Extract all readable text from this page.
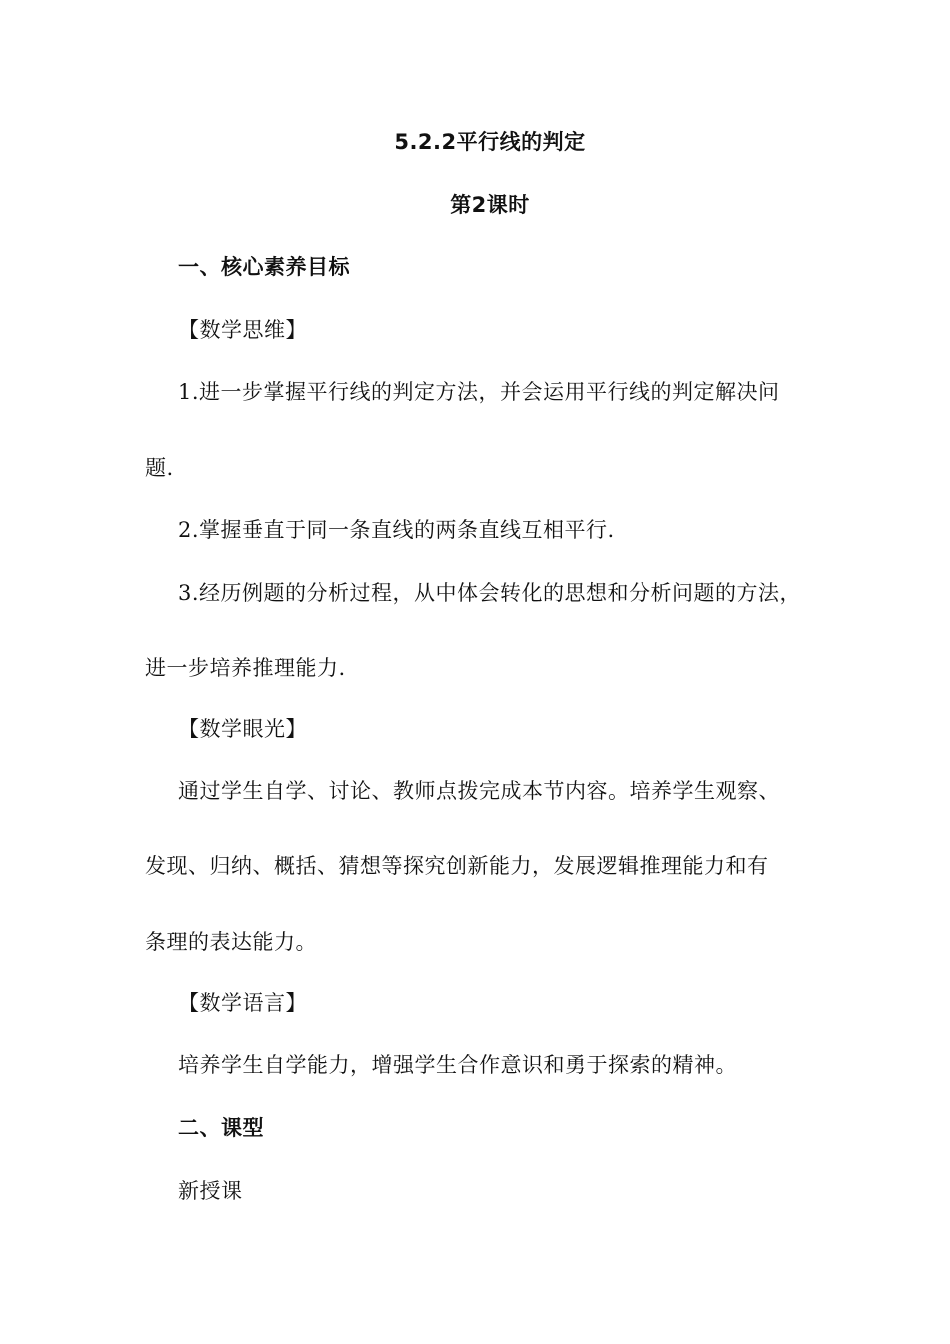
5.2.2平行线的判定
第2课时
一、核心素养目标
【数学思维】
1.进一步掌握平行线的判定方法，并会运用平行线的判定解决问
题.
2.掌握垂直于同一条直线的两条直线互相平行.
3.经历例题的分析过程，从中体会转化的思想和分析问题的方法，
进一步培养推理能力.
【数学眼光】
通过学生自学、讨论、教师点拨完成本节内容。培养学生观察、
发现、归纳、概括、猜想等探究创新能力，发展逻辑推理能力和有
条理的表达能力。
【数学语言】
培养学生自学能力，增强学生合作意识和勇于探索的精神。
二、课型
新授课
